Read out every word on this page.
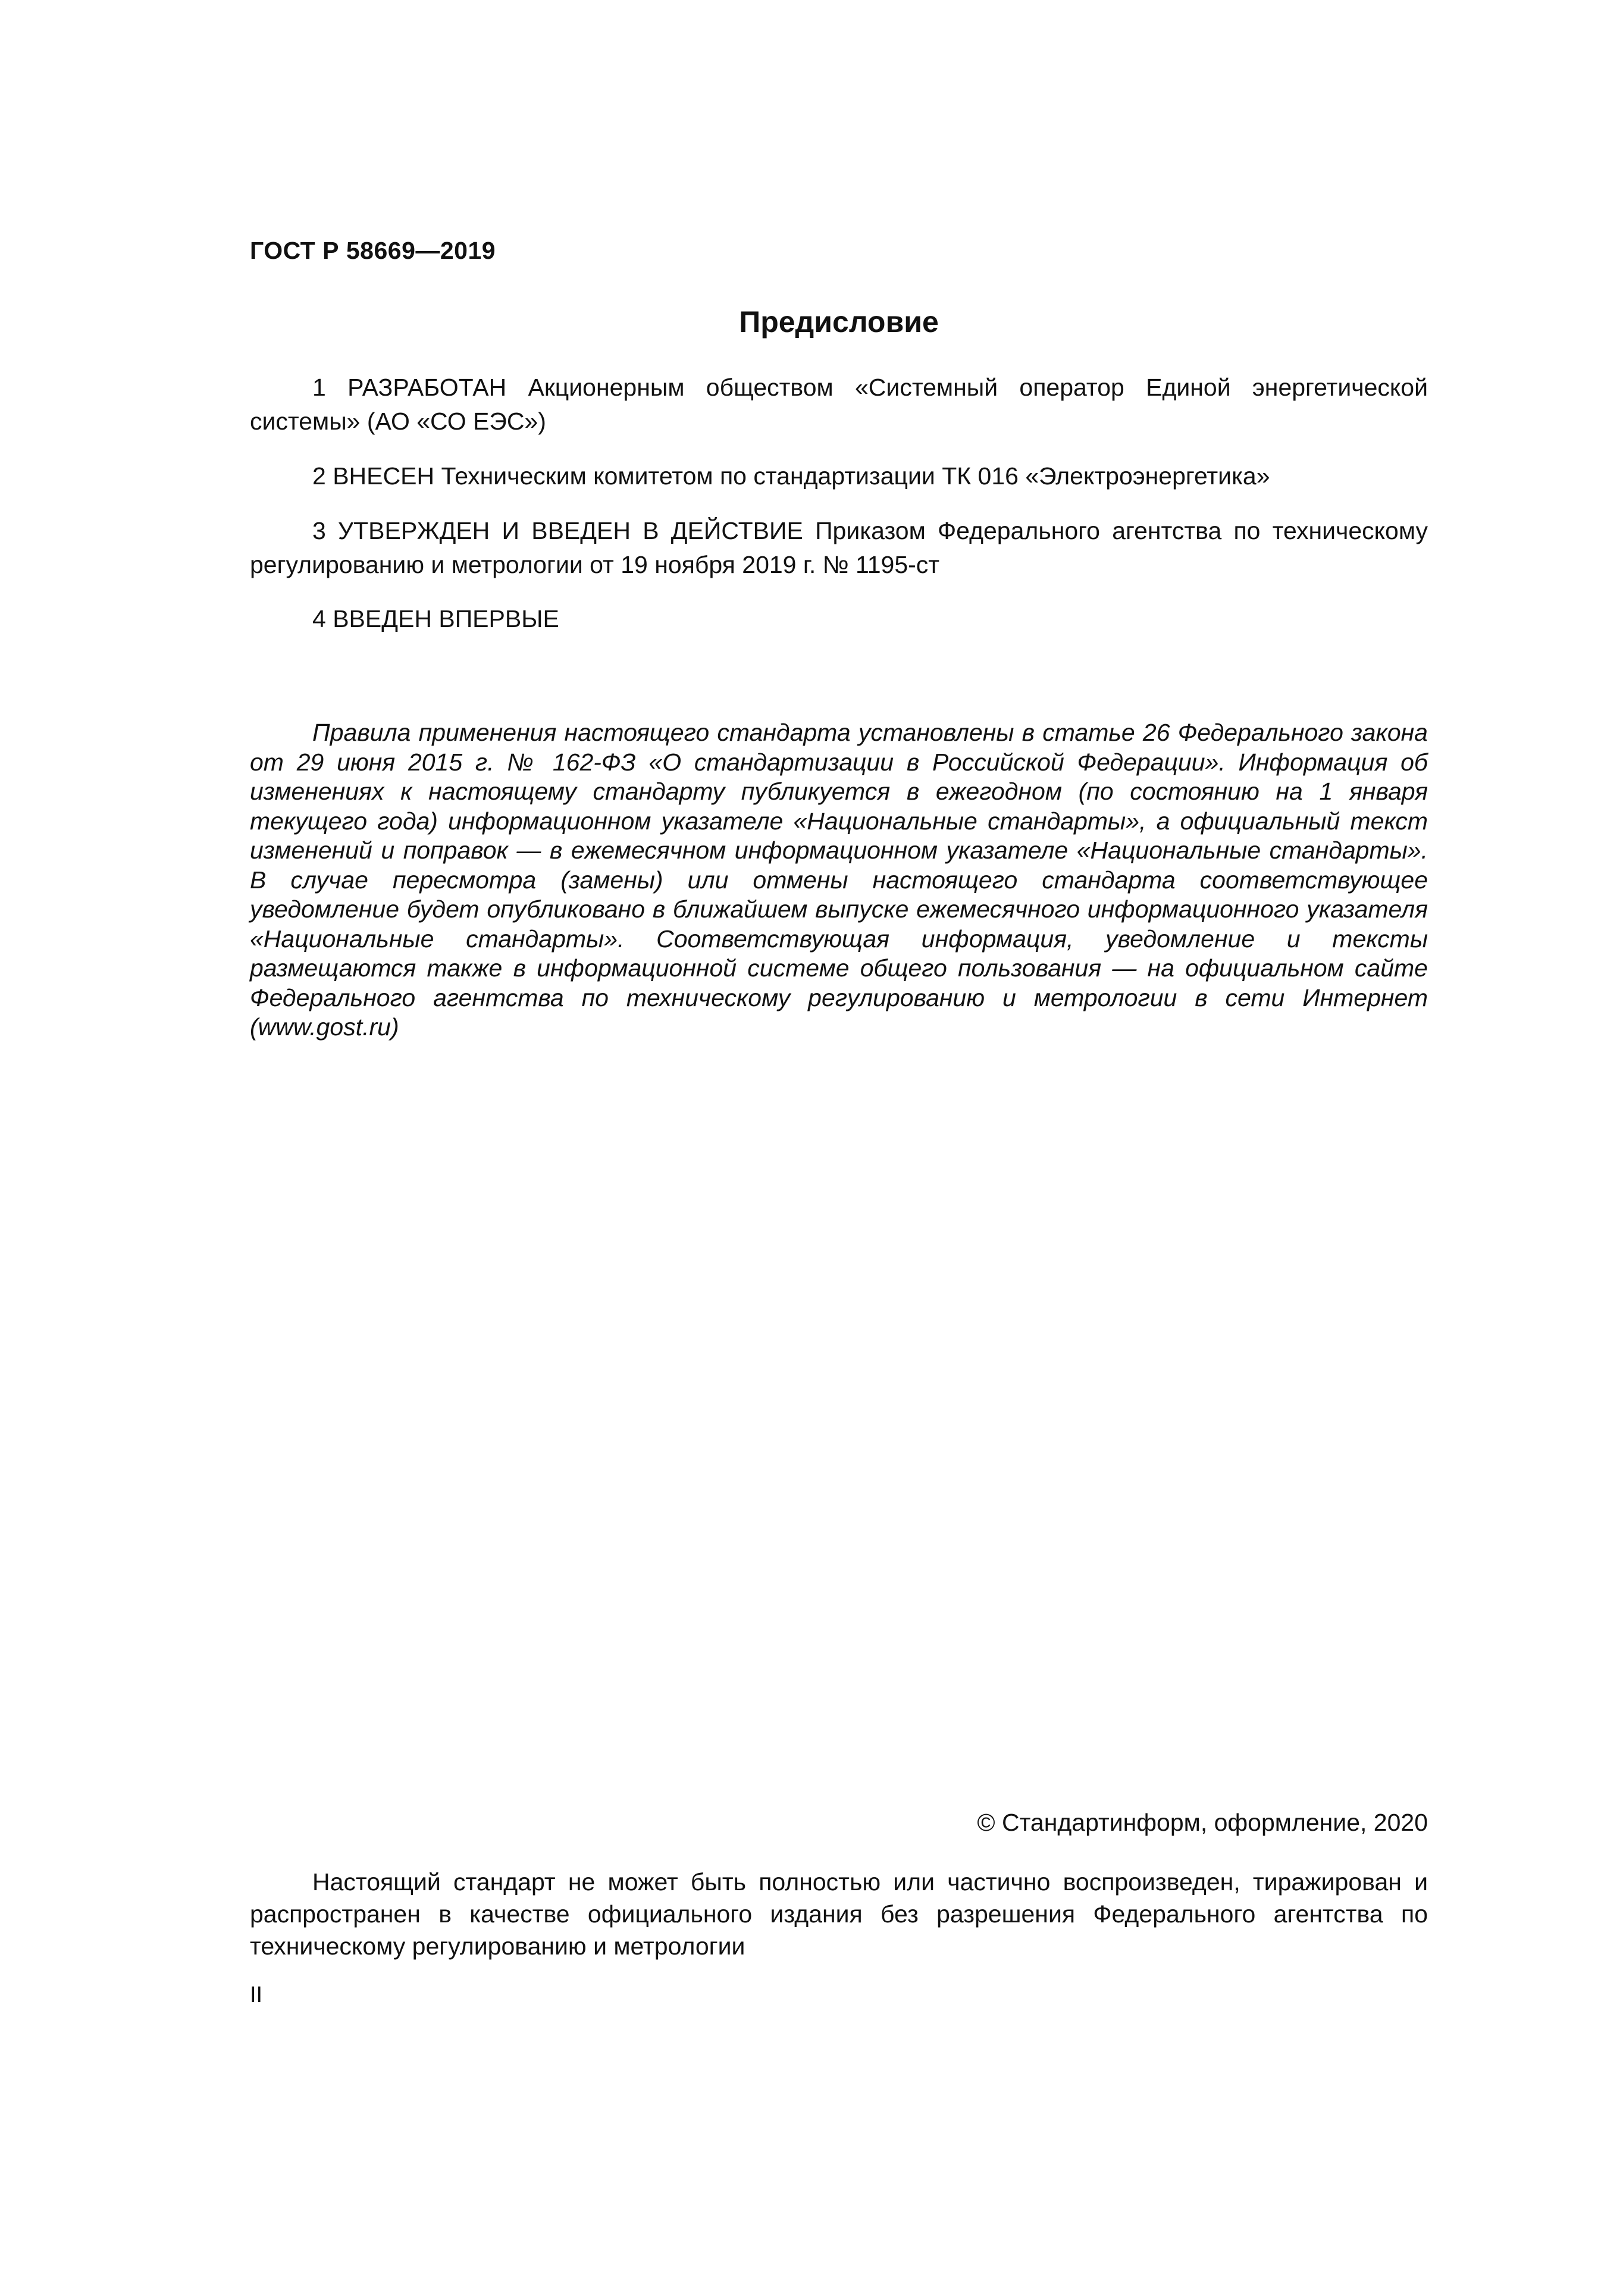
ГОСТ Р 58669—2019
Предисловие

1 РАЗРАБОТАН Акционерным обществом «Системный оператор Единой энергетической системы» (АО «СО ЕЭС»)

2 ВНЕСЕН Техническим комитетом по стандартизации ТК 016 «Электроэнергетика»

3 УТВЕРЖДЕН И ВВЕДЕН В ДЕЙСТВИЕ Приказом Федерального агентства по техническому регулированию и метрологии от 19 ноября 2019 г. № 1195-ст

4 ВВЕДЕН ВПЕРВЫЕ

Правила применения настоящего стандарта установлены в статье 26 Федерального закона от 29 июня 2015 г. № 162-ФЗ «О стандартизации в Российской Федерации». Информация об изменениях к настоящему стандарту публикуется в ежегодном (по состоянию на 1 января текущего года) информационном указателе «Национальные стандарты», а официальный текст изменений и поправок — в ежемесячном информационном указателе «Национальные стандарты». В случае пересмотра (замены) или отмены настоящего стандарта соответствующее уведомление будет опубликовано в ближайшем выпуске ежемесячного информационного указателя «Национальные стандарты». Соответствующая информация, уведомление и тексты размещаются также в информационной системе общего пользования — на официальном сайте Федерального агентства по техническому регулированию и метрологии в сети Интернет (www.gost.ru)

© Стандартинформ, оформление, 2020

Настоящий стандарт не может быть полностью или частично воспроизведен, тиражирован и распространен в качестве официального издания без разрешения Федерального агентства по техническому регулированию и метрологии

II
